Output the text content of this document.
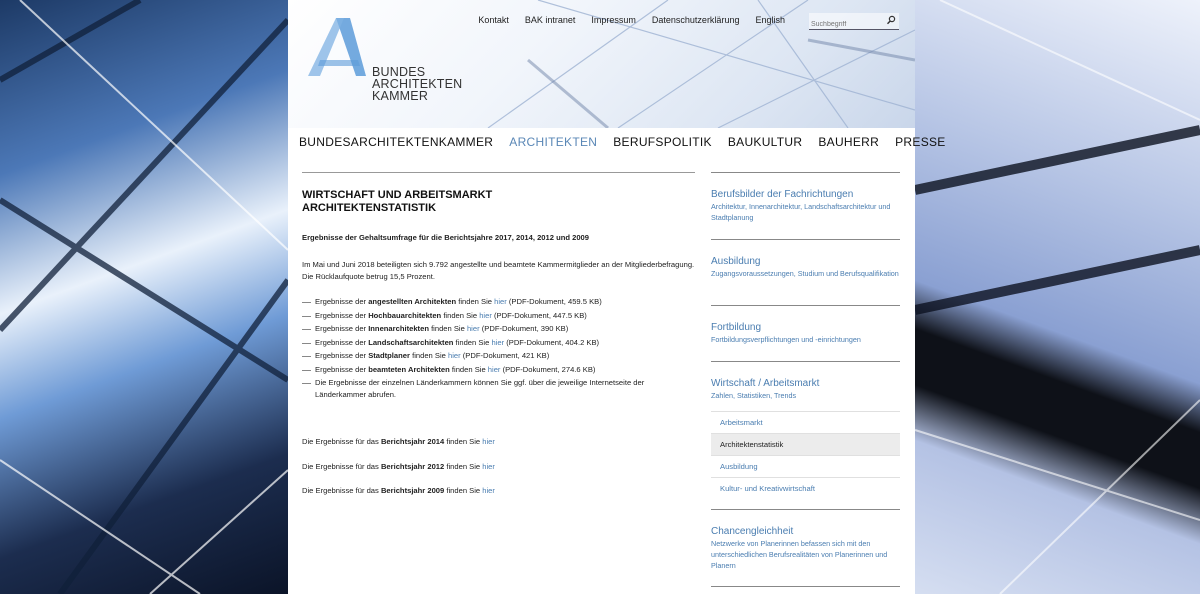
BUNDES
ARCHITEKTEN
KAMMER
Kontakt BAK intranet Impressum Datenschutzerklärung English
Suchbegriff
BUNDESARCHITEKTENKAMMER ARCHITEKTEN BERUFSPOLITIK BAUKULTUR BAUHERR PRESSE
WIRTSCHAFT UND ARBEITSMARKT
ARCHITEKTENSTATISTIK

Ergebnisse der Gehaltsumfrage für die Berichtsjahre 2017, 2014, 2012 und 2009

Im Mai und Juni 2018 beteiligten sich 9.792 angestellte und beamtete Kammermitglieder an der Mitgliederbefragung. Die Rücklaufquote betrug 15,5 Prozent.

Ergebnisse der angestellten Architekten finden Sie hier (PDF-Dokument, 459.5 KB)
Ergebnisse der Hochbauarchitekten finden Sie hier (PDF-Dokument, 447.5 KB)
Ergebnisse der Innenarchitekten finden Sie hier (PDF-Dokument, 390 KB)
Ergebnisse der Landschaftsarchitekten finden Sie hier (PDF-Dokument, 404.2 KB)
Ergebnisse der Stadtplaner finden Sie hier (PDF-Dokument, 421 KB)
Ergebnisse der beamteten Architekten finden Sie hier (PDF-Dokument, 274.6 KB)
Die Ergebnisse der einzelnen Länderkammern können Sie ggf. über die jeweilige Internetseite der Länderkammer abrufen.

Die Ergebnisse für das Berichtsjahr 2014 finden Sie hier

Die Ergebnisse für das Berichtsjahr 2012 finden Sie hier

Die Ergebnisse für das Berichtsjahr 2009 finden Sie hier

Berufsbilder der Fachrichtungen

Architektur, Innenarchitektur, Landschaftsarchitektur und Stadtplanung

Ausbildung

Zugangsvoraussetzungen, Studium und Berufsqualifikation

Fortbildung

Fortbildungsverpflichtungen und -einrichtungen

Wirtschaft / Arbeitsmarkt

Zahlen, Statistiken, Trends

Arbeitsmarkt
Architektenstatistik
Ausbildung
Kultur- und Kreativwirtschaft
Chancengleichheit

Netzwerke von Planerinnen befassen sich mit den unterschiedlichen Berufsrealitäten von Planerinnen und Planern
